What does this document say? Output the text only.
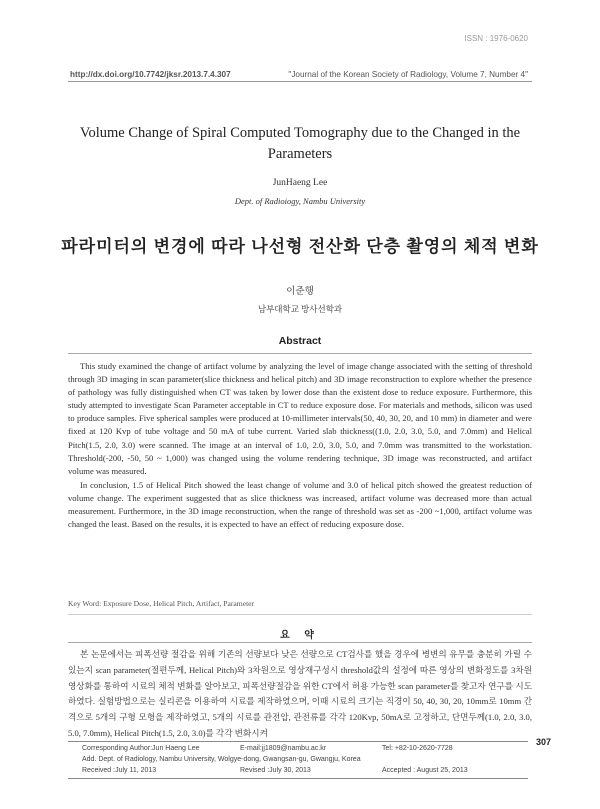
ISSN : 1976-0620
http://dx.doi.org/10.7742/jksr.2013.7.4.307	"Journal of the Korean Society of Radiology, Volume 7, Number 4"
Volume Change of Spiral Computed Tomography due to the Changed in the Parameters
JunHaeng Lee
Dept. of Radioiogy, Nambu University
파라미터의 변경에 따라 나선형 전산화 단층 촬영의 체적 변화
이준행
남부대학교 방사선학과
Abstract

This study examined the change of artifact volume by analyzing the level of image change associated with the setting of threshold through 3D imaging in scan parameter(slice thickness and helical pitch) and 3D image reconstruction to explore whether the presence of pathology was fully distinguished when CT was taken by lower dose than the existent dose to reduce exposure. Furthermore, this study attempted to investigate Scan Parameter acceptable in CT to reduce exposure dose. For materials and methods, silicon was used to produce samples. Five spherical samples were produced at 10-millimeter intervals(50, 40, 30, 20, and 10 mm) in diameter and were fixed at 120 Kvp of tube voltage and 50 mA of tube current. Varied slab thickness((1.0, 2.0, 3.0, 5.0, and 7.0mm) and Helical Pitch(1.5, 2.0, 3.0) were scanned. The image at an interval of 1.0, 2.0, 3.0, 5.0, and 7.0mm was transmitted to the workstation. Threshold(-200, -50, 50 ~ 1,000) was changed using the volume rendering technique, 3D image was reconstructed, and artifact volume was measured.

In conclusion, 1.5 of Helical Pitch showed the least change of volume and 3.0 of helical pitch showed the greatest reduction of volume change. The experiment suggested that as slice thickness was increased, artifact volume was decreased more than actual measurement. Furthermore, in the 3D image reconstruction, when the range of threshold was set as -200 ~1,000, artifact volume was changed the least. Based on the results, it is expected to have an effect of reducing exposure dose.

Key Word: Exposure Dose, Helical Pitch, Artifact, Parameter
요 약

본 논문에서는 피폭선량 절감을 위해 기존의 선량보다 낮은 선량으로 CT검사를 했을 경우에 병변의 유무를 충분히 가릴 수 있는지 scan parameter(절편두께, Helical Pitch)와 3차원으로 영상재구성시 threshold값의 설정에 따른 영상의 변화정도를 3차원 영상화를 통하여 시료의 체적 변화를 알아보고, 피폭선량절감을 위한 CT에서 허용 가능한 scan parameter를 찾고자 연구를 시도하였다. 실험방법으로는 실리콘을 이용하여 시료를 제작하였으며, 이때 시료의 크기는 직경이 50, 40, 30, 20, 10mm로 10mm 간격으로 5개의 구형 모형을 제작하였고, 5개의 시료를 관전압, 관전류를 각각 120Kvp, 50mA로 고정하고, 단면두께(1.0, 2.0, 3.0, 5.0, 7.0mm), Helical Pitch(1.5, 2.0, 3.0)를 각각 변화시켜

Corresponding Author:Jun Haeng Lee	E-mail:jj1809@nambu.ac.kr	Tel: +82-10-2620-7728
Add. Dept. of Radiology, Nambu University, Wolgye-dong, Gwangsan-gu, Gwangju, Korea
Received :July 11, 2013	Revised :July 30, 2013	Accepted : August 25, 2013
307
